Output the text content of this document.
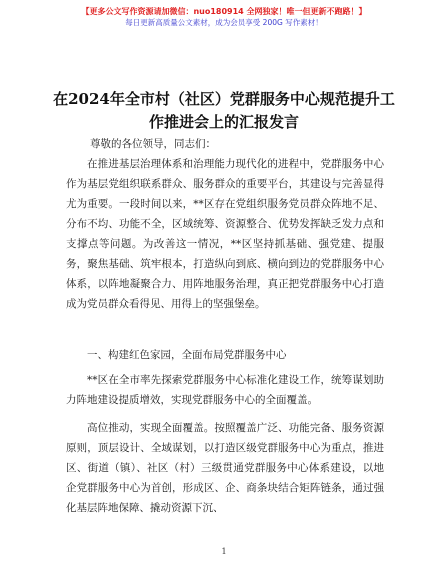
【更多公文写作资源请加微信：nuo180914 全网独家！唯一但更新不跑路！】
每日更新高质量公文素材，成为会员享受 200G 写作素材！
在2024年全市村（社区）党群服务中心规范提升工作推进会上的汇报发言
尊敬的各位领导，同志们：

在推进基层治理体系和治理能力现代化的进程中，党群服务中心作为基层党组织联系群众、服务群众的重要平台，其建设与完善显得尤为重要。一段时间以来，**区存在党组织服务党员群众阵地不足、分布不均、功能不全，区域统筹、资源整合、优势发挥缺乏发力点和支撑点等问题。为改善这一情况，**区坚持抓基础、强党建、提服务，聚焦基础、筑牢根本，打造纵向到底、横向到边的党群服务中心体系，以阵地凝聚合力、用阵地服务治理，真正把党群服务中心打造成为党员群众看得见、用得上的坚强堡垒。

一、构建红色家园，全面布局党群服务中心

**区在全市率先探索党群服务中心标准化建设工作，统筹谋划助力阵地建设提质增效，实现党群服务中心的全面覆盖。

高位推动，实现全面覆盖。按照覆盖广泛、功能完备、服务资源原则，顶层设计、全域谋划，以打造区级党群服务中心为重点，推进区、街道（镇）、社区（村）三级贯通党群服务中心体系建设，以地企党群服务中心为首创，形成区、企、商条块结合矩阵链条，通过强化基层阵地保障、撬动资源下沉、

1
